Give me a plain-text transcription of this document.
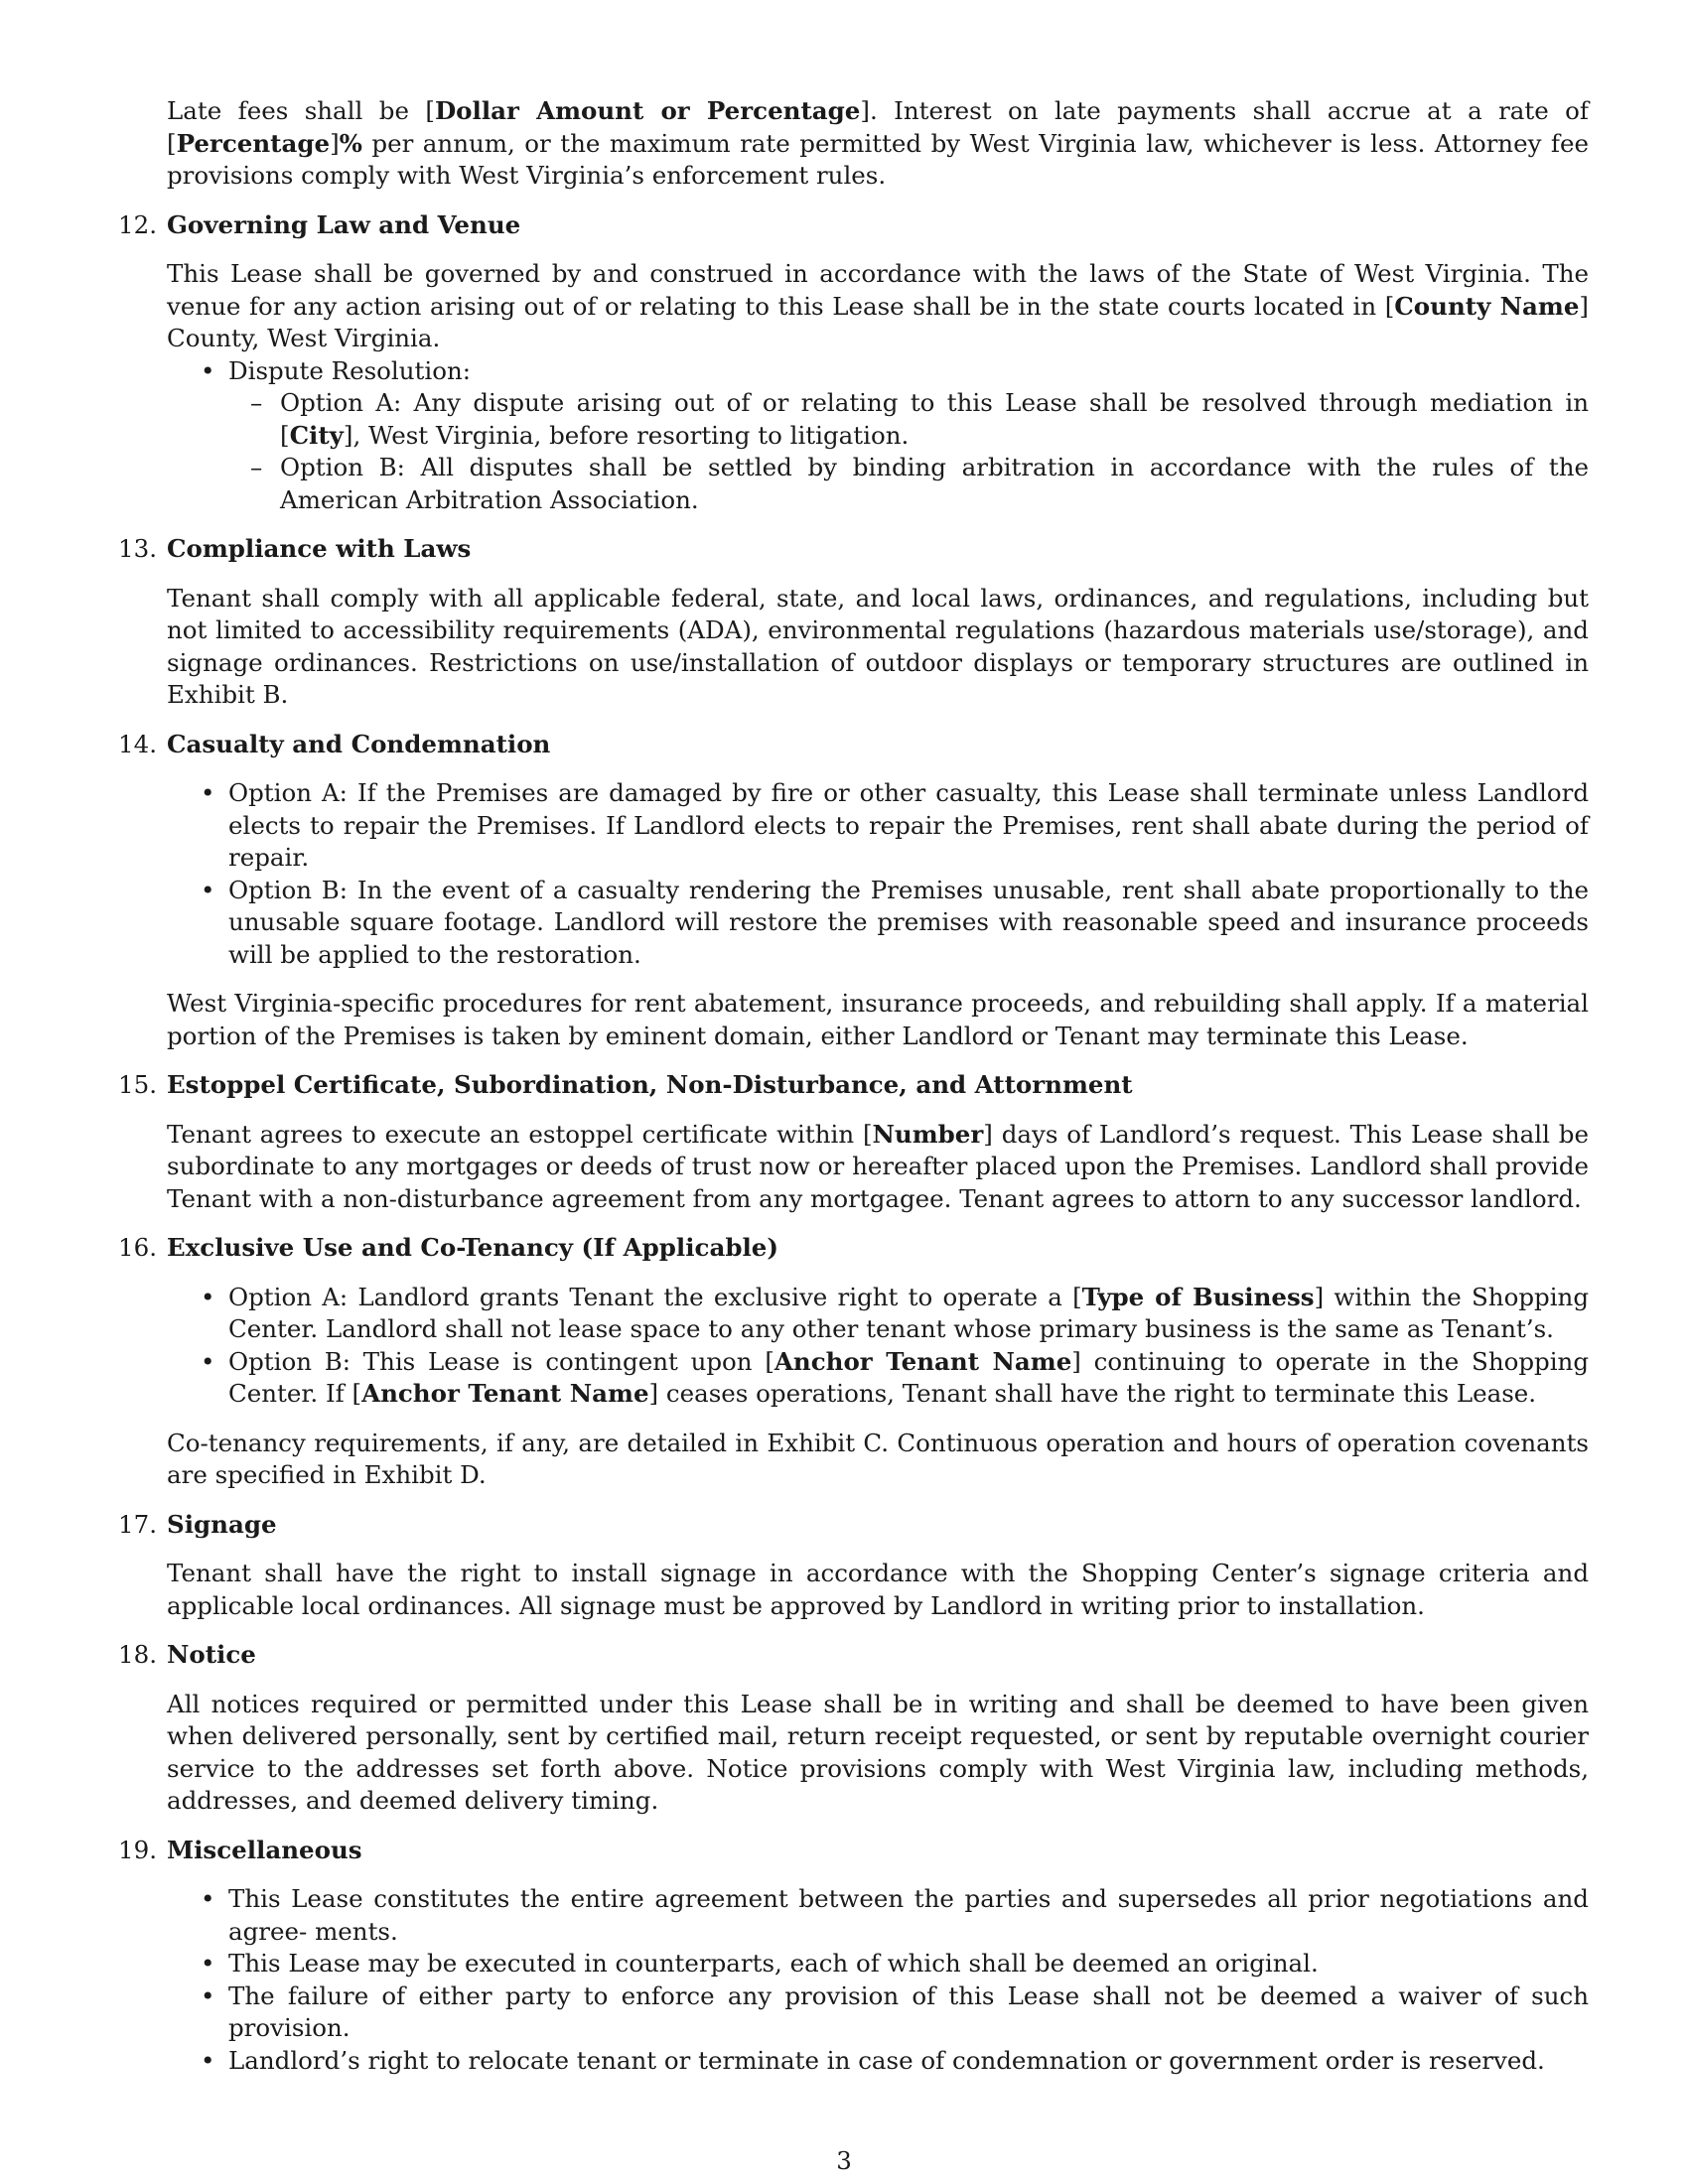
Late fees shall be [Dollar Amount or Percentage]. Interest on late payments shall accrue at a rate of [Percentage]% per annum, or the maximum rate permitted by West Virginia law, whichever is less. Attorney fee provisions comply with West Virginia’s enforcement rules.

12. Governing Law and Venue

This Lease shall be governed by and construed in accordance with the laws of the State of West Virginia. The venue for any action arising out of or relating to this Lease shall be in the state courts located in [County Name] County, West Virginia.

• Dispute Resolution:
– Option A: Any dispute arising out of or relating to this Lease shall be resolved through mediation in [City], West Virginia, before resorting to litigation.
– Option B: All disputes shall be settled by binding arbitration in accordance with the rules of the American Arbitration Association.
13. Compliance with Laws

Tenant shall comply with all applicable federal, state, and local laws, ordinances, and regulations, including but not limited to accessibility requirements (ADA), environmental regulations (hazardous materials use/storage), and signage ordinances. Restrictions on use/installation of outdoor displays or temporary structures are outlined in Exhibit B.

14. Casualty and Condemnation
• Option A: If the Premises are damaged by fire or other casualty, this Lease shall terminate unless Landlord elects to repair the Premises. If Landlord elects to repair the Premises, rent shall abate during the period of repair.
• Option B: In the event of a casualty rendering the Premises unusable, rent shall abate proportionally to the unusable square footage. Landlord will restore the premises with reasonable speed and insurance proceeds will be applied to the restoration.

West Virginia-specific procedures for rent abatement, insurance proceeds, and rebuilding shall apply. If a material portion of the Premises is taken by eminent domain, either Landlord or Tenant may terminate this Lease.

15. Estoppel Certificate, Subordination, Non-Disturbance, and Attornment

Tenant agrees to execute an estoppel certificate within [Number] days of Landlord’s request. This Lease shall be subordinate to any mortgages or deeds of trust now or hereafter placed upon the Premises. Landlord shall provide Tenant with a non-disturbance agreement from any mortgagee. Tenant agrees to attorn to any successor landlord.

16. Exclusive Use and Co-Tenancy (If Applicable)
• Option A: Landlord grants Tenant the exclusive right to operate a [Type of Business] within the Shopping Center. Landlord shall not lease space to any other tenant whose primary business is the same as Tenant’s.
• Option B: This Lease is contingent upon [Anchor Tenant Name] continuing to operate in the Shopping Center. If [Anchor Tenant Name] ceases operations, Tenant shall have the right to terminate this Lease.

Co-tenancy requirements, if any, are detailed in Exhibit C. Continuous operation and hours of operation covenants are specified in Exhibit D.

17. Signage

Tenant shall have the right to install signage in accordance with the Shopping Center’s signage criteria and applicable local ordinances. All signage must be approved by Landlord in writing prior to installation.

18. Notice

All notices required or permitted under this Lease shall be in writing and shall be deemed to have been given when delivered personally, sent by certified mail, return receipt requested, or sent by reputable overnight courier service to the addresses set forth above. Notice provisions comply with West Virginia law, including methods, addresses, and deemed delivery timing.

19. Miscellaneous
• This Lease constitutes the entire agreement between the parties and supersedes all prior negotiations and agree- ments.
• This Lease may be executed in counterparts, each of which shall be deemed an original.
• The failure of either party to enforce any provision of this Lease shall not be deemed a waiver of such provision.
• Landlord’s right to relocate tenant or terminate in case of condemnation or government order is reserved.
3
